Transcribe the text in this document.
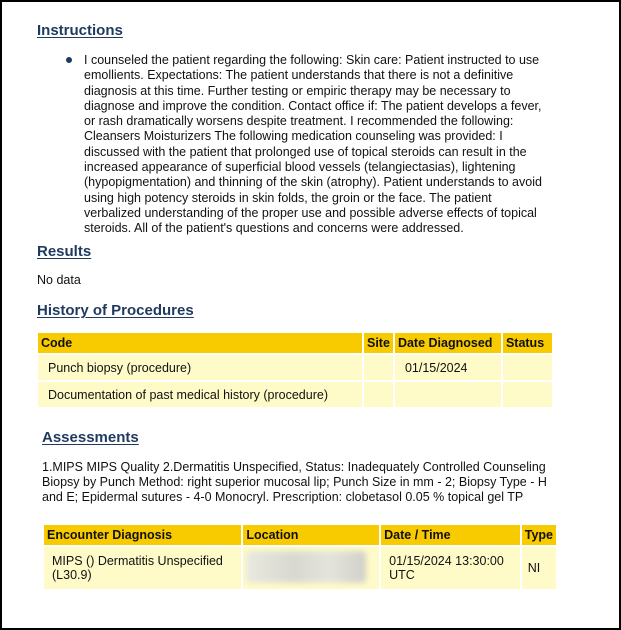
Instructions
I counseled the patient regarding the following: Skin care: Patient instructed to use emollients. Expectations: The patient understands that there is not a definitive diagnosis at this time. Further testing or empiric therapy may be necessary to diagnose and improve the condition. Contact office if: The patient develops a fever, or rash dramatically worsens despite treatment. I recommended the following: Cleansers Moisturizers The following medication counseling was provided: I discussed with the patient that prolonged use of topical steroids can result in the increased appearance of superficial blood vessels (telangiectasias), lightening (hypopigmentation) and thinning of the skin (atrophy). Patient understands to avoid using high potency steroids in skin folds, the groin or the face. The patient verbalized understanding of the proper use and possible adverse effects of topical steroids. All of the patient's questions and concerns were addressed.
Results
No data
History of Procedures
Code	Site	Date Diagnosed	Status
Punch biopsy (procedure)		01/15/2024	
Documentation of past medical history (procedure)			
Assessments
1.MIPS MIPS Quality 2.Dermatitis Unspecified, Status: Inadequately Controlled Counseling Biopsy by Punch Method: right superior mucosal lip; Punch Size in mm - 2; Biopsy Type - H and E; Epidermal sutures - 4-0 Monocryl. Prescription: clobetasol 0.05 % topical gel TP
Encounter Diagnosis	Location	Date / Time	Type
MIPS () Dermatitis Unspecified (L30.9)		01/15/2024 13:30:00 UTC	NI
